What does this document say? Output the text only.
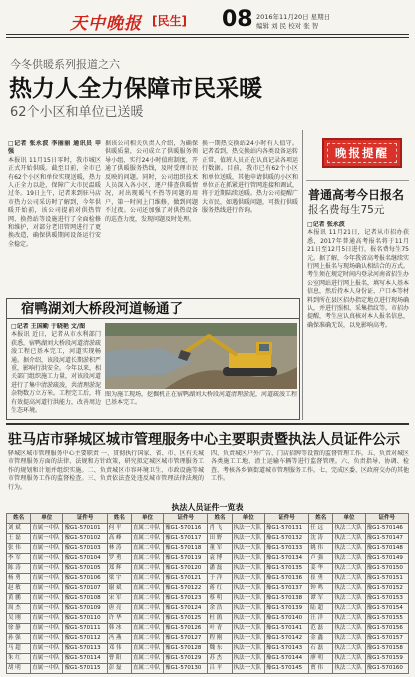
天中晚报 [民生] 08 2016年11月20日 星期日
编辑 刘 民 校对 张 智
今冬供暖系列报道之六
热力人全力保障市民采暖
62个小区和单位已送暖
□记者 张永波 李丽丽 通讯员 申 强
本报讯 11月15日零时，我市城区正式开始供暖。截至目前，全市已有62个小区和单位实现送暖，热力人正全力以赴，保障广大市民温暖过冬。19日上午，记者来到驻马店市热力公司采访时了解到，今年供暖开始前，该公司提前对供热管网、换热站等设施进行了全面检修和维护，对部分老旧管网进行了更换改造，确保供暖期间设备运行安全稳定。
据该公司相关负责人介绍，为确保供暖质量，公司成立了供暖服务领导小组，实行24小时值班制度，开通了供暖服务热线，及时受理市民反映的问题。同时，公司组织技术人员深入各小区，逐户排查供暖情况，对出现暖气不热等问题的用户，第一时间上门维修，做到问题不过夜。公司还加强了对供热设备的巡查力度，发现问题及时处理。
换一期热交换站24小时有人值守。记者看到，热交换站内各类设备运转正常，值班人员正在认真记录各项运行数据。目前，我市已有62个小区和单位送暖，其他申请供暖的小区和单位正在抓紧进行管网连接和调试，将于近期陆续送暖。热力公司提醒广大市民，如遇供暖问题，可拨打供暖服务热线进行咨询。
晚报提醒
普通高考今日报名
报名费每生75元
□记者 张永波
本报讯 11月21日，记者从市招办获悉，2017年普通高考报名将于11月21日至12月5日进行，报名费每生75元。据了解，今年我省高考报名继续实行网上报名与现场确认相结合的方式。考生须在规定时间内登录河南省招生办公室网站进行网上报名，填写本人基本信息，然后持本人身份证、户口本等材料到所在县区招办指定地点进行现场确认，并进行照相、采集指纹等。市招办提醒，考生应认真核对本人报名信息，确保准确无误，以免影响高考。
宿鸭湖刘大桥段河道畅通了
□记者 王国勤 于晓艳 文/图
本报讯 近日，记者从市水利部门获悉，宿鸭湖刘大桥段河道清淤疏浚工程已基本完工，河道实现畅通。据介绍，该段河道长期淤积严重，影响行洪安全。今年以来，相关部门组织施工力量，对该段河道进行了集中清淤疏浚，共清理淤泥杂物数万立方米。工程完工后，将有效提高河道行洪能力，改善周边生态环境。
图为施工现场，挖掘机正在宿鸭湖刘大桥段河道清理淤泥，河道疏浚工程已基本完工。
驻马店市驿城区城市管理服务中心主要职责暨执法人员证件公示
驿城区城市管理服务中心主要职责 一、贯彻执行国家、省、市、区有关城市管理服务方面的法律、法规和方针政策，研究拟定城区城市管理服务工作的规划和计划并组织实施。二、负责城区市容环境卫生、市政设施等城市管理服务工作的监督检查。三、负责依法查处违反城市管理法律法规的行为。
四、负责城区户外广告、门店招牌等设置的监督管理工作。五、负责对城区各类施工工地、渣土运输车辆等进行监督管理。六、负责指导、协调、检查、考核各乡镇街道城市管理服务工作。七、完成区委、区政府交办的其他工作。
执法人员证件一览表
姓名	单位	证件号	姓名	单位	证件号	姓名	单位	证件号	姓名	单位	证件号
刘 斌	直属一中队	豫G1-570101	何 平	直属二中队	豫G1-570116	肖 飞	执法一大队	豫G1-570131	任 远	执法二大队	豫G1-570146
王 磊	直属一中队	豫G1-570102	高 峰	直属二中队	豫G1-570117	田 野	执法一大队	豫G1-570132	沈 涛	执法二大队	豫G1-570147
张 伟	直属一中队	豫G1-570103	林 涛	直属二中队	豫G1-570118	董 军	执法一大队	豫G1-570133	姚 伟	执法二大队	豫G1-570148
李 军	直属一中队	豫G1-570104	罗 勇	直属二中队	豫G1-570119	袁 博	执法一大队	豫G1-570134	卢 强	执法二大队	豫G1-570149
陈 涛	直属一中队	豫G1-570105	郑 辉	直属二中队	豫G1-570120	潘 磊	执法一大队	豫G1-570135	姜 华	执法二大队	豫G1-570150
杨 勇	直属一中队	豫G1-570106	梁 宇	直属二中队	豫G1-570121	于 洋	执法一大队	豫G1-570136	崔 勇	执法二大队	豫G1-570151
赵 敏	直属一中队	豫G1-570107	谢 斌	直属二中队	豫G1-570122	蒋 红	执法一大队	豫G1-570137	钟 鸣	执法二大队	豫G1-570152
黄 鹏	直属一中队	豫G1-570108	宋 军	直属二中队	豫G1-570123	蔡 明	执法一大队	豫G1-570138	谭 军	执法二大队	豫G1-570153
周 杰	直属一中队	豫G1-570109	唐 亮	直属二中队	豫G1-570124	余 浩	执法一大队	豫G1-570139	陆 超	执法二大队	豫G1-570154
吴 刚	直属一中队	豫G1-570110	许 华	直属二中队	豫G1-570125	杜 鹃	执法一大队	豫G1-570140	汪 洋	执法二大队	豫G1-570155
徐 静	直属一中队	豫G1-570111	韩 冰	直属二中队	豫G1-570126	叶 青	执法一大队	豫G1-570141	范 磊	执法二大队	豫G1-570156
孙 强	直属一中队	豫G1-570112	冯 燕	直属二中队	豫G1-570127	程 刚	执法一大队	豫G1-570142	金 鑫	执法二大队	豫G1-570157
马 超	直属一中队	豫G1-570113	邓 伟	直属二中队	豫G1-570128	魏 东	执法一大队	豫G1-570143	石 磊	执法二大队	豫G1-570158
朱 红	直属一中队	豫G1-570114	曹 阳	直属二中队	豫G1-570129	苏 杰	执法一大队	豫G1-570144	廖 明	执法二大队	豫G1-570159
胡 明	直属一中队	豫G1-570115	彭 磊	直属二中队	豫G1-570130	吕 平	执法一大队	豫G1-570145	贾 伟	执法二大队	豫G1-570160
